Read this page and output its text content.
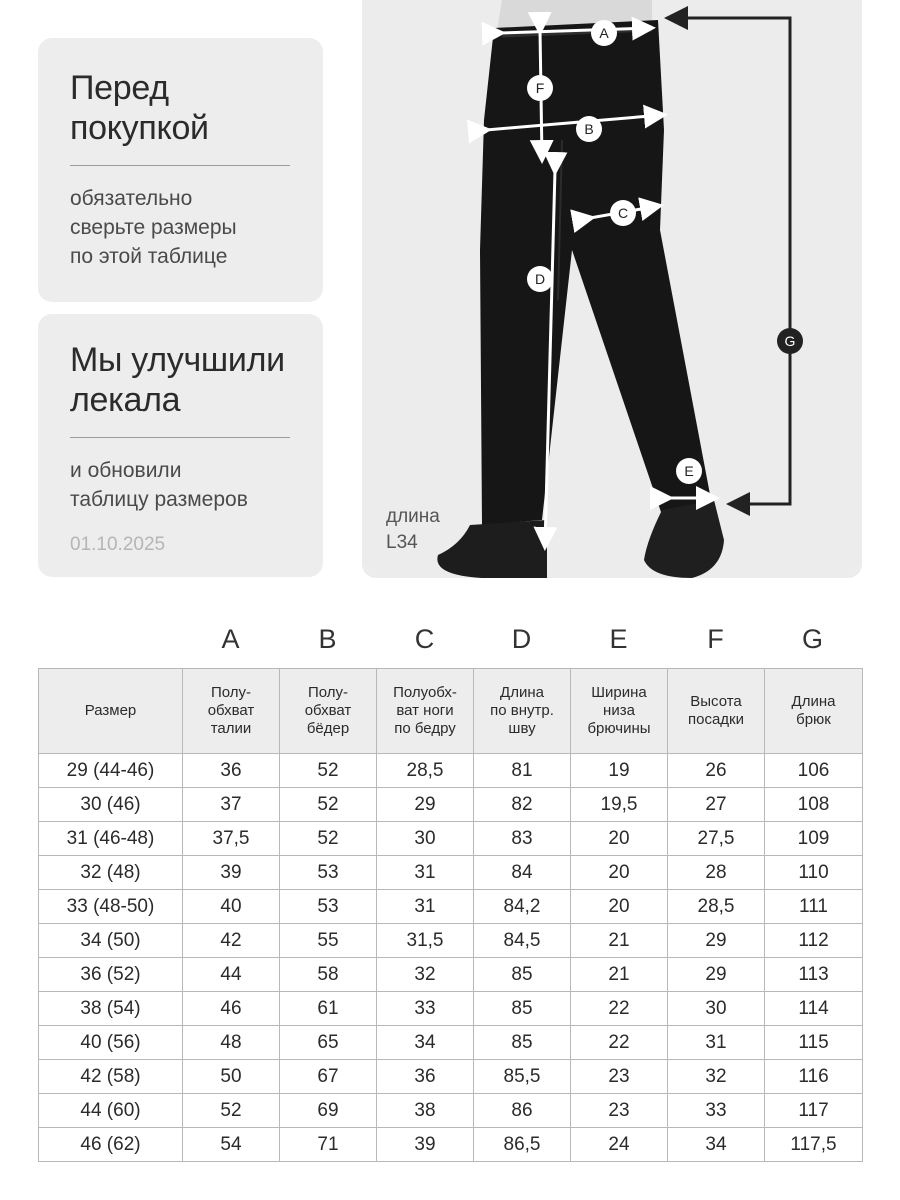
Перед
покупкой
обязательно
сверьте размеры
по этой таблице
Мы улучшили
лекала
и обновили
таблицу размеров
01.10.2025
A
F
B
C
D
E
G
длина
L34
A	B	C	D	E	F	G
Размер	Полу-
обхват
талии	Полу-
обхват
бёдер	Полуобх-
ват ноги
по бедру	Длина
по внутр.
шву	Ширина
низа
брючины	Высота
посадки	Длина
брюк
29 (44-46)	36	52	28,5	81	19	26	106
30 (46)	37	52	29	82	19,5	27	108
31 (46-48)	37,5	52	30	83	20	27,5	109
32 (48)	39	53	31	84	20	28	110
33 (48-50)	40	53	31	84,2	20	28,5	111
34 (50)	42	55	31,5	84,5	21	29	112
36 (52)	44	58	32	85	21	29	113
38 (54)	46	61	33	85	22	30	114
40 (56)	48	65	34	85	22	31	115
42 (58)	50	67	36	85,5	23	32	116
44 (60)	52	69	38	86	23	33	117
46 (62)	54	71	39	86,5	24	34	117,5
